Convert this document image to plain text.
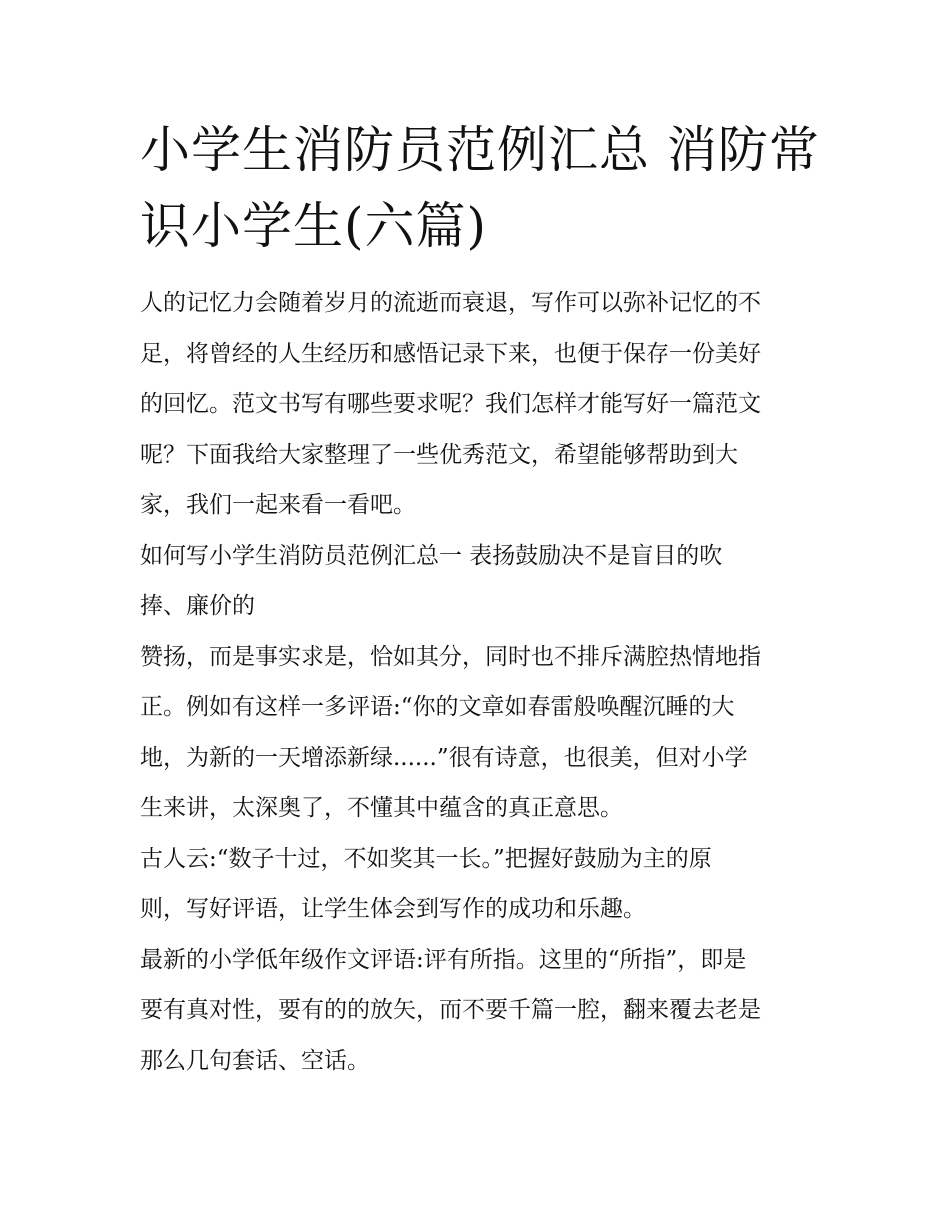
小学生消防员范例汇总 消防常
识小学生(六篇)

人的记忆力会随着岁月的流逝而衰退，写作可以弥补记忆的不
足，将曾经的人生经历和感悟记录下来，也便于保存一份美好
的回忆。范文书写有哪些要求呢？我们怎样才能写好一篇范文
呢？下面我给大家整理了一些优秀范文，希望能够帮助到大
家，我们一起来看一看吧。

如何写小学生消防员范例汇总一 表扬鼓励决不是盲目的吹
捧、廉价的

赞扬，而是事实求是，恰如其分，同时也不排斥满腔热情地指
正。例如有这样一多评语:“你的文章如春雷般唤醒沉睡的大
地，为新的一天增添新绿......”很有诗意，也很美，但对小学
生来讲，太深奥了，不懂其中蕴含的真正意思。

古人云:“数子十过，不如奖其一长。”把握好鼓励为主的原
则，写好评语，让学生体会到写作的成功和乐趣。

最新的小学低年级作文评语:评有所指。这里的“所指”，即是
要有真对性，要有的的放矢，而不要千篇一腔，翻来覆去老是
那么几句套话、空话。
